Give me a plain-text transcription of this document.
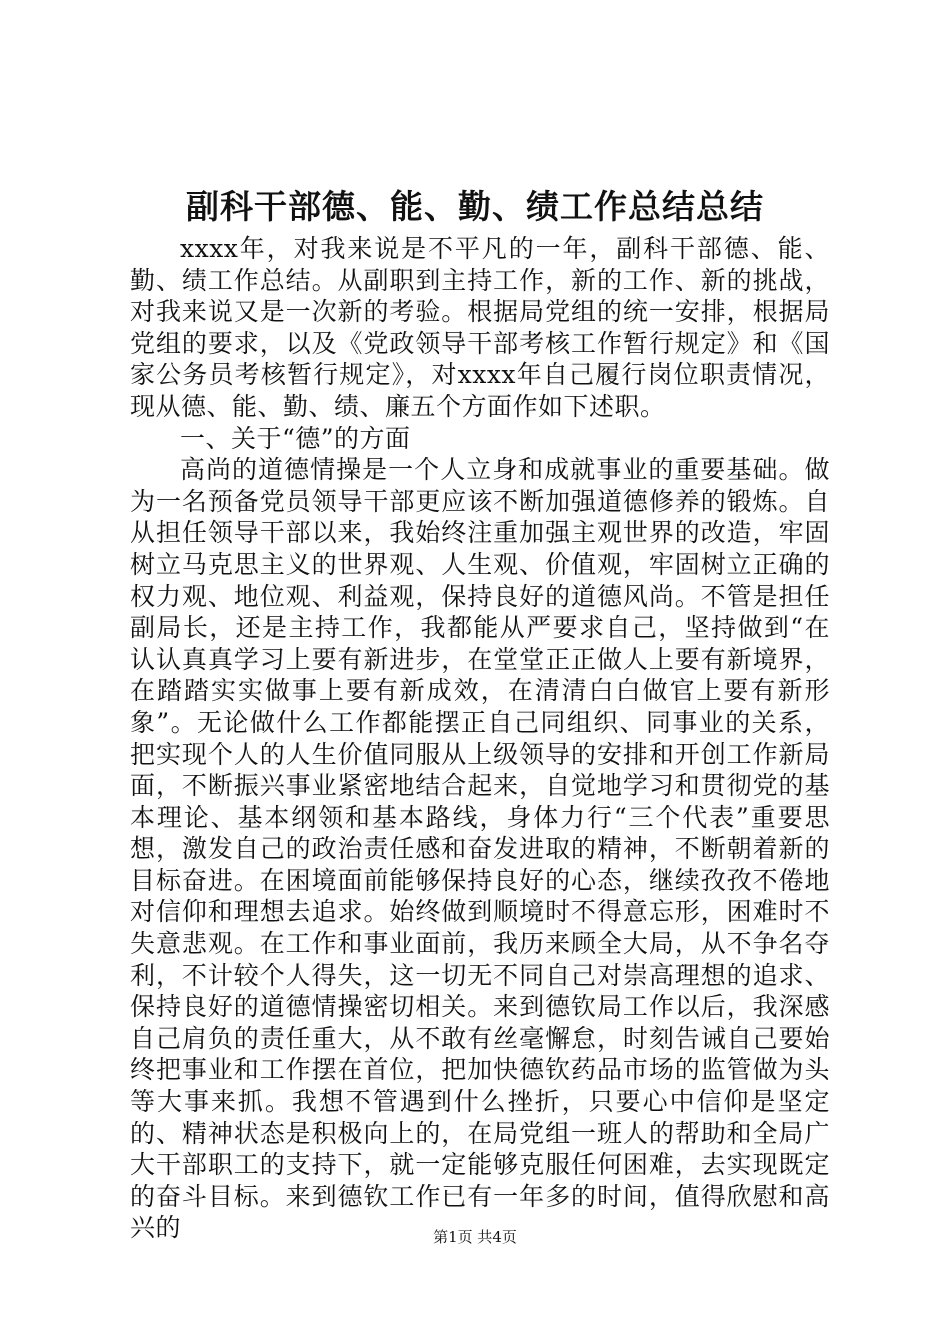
副科干部德、能、勤、绩工作总结总结

xxxx年，对我来说是不平凡的一年，副科干部德、能、勤、绩工作总结。从副职到主持工作，新的工作、新的挑战，对我来说又是一次新的考验。根据局党组的统一安排，根据局党组的要求，以及《党政领导干部考核工作暂行规定》和《国家公务员考核暂行规定》，对xxxx年自己履行岗位职责情况，现从德、能、勤、绩、廉五个方面作如下述职。

一、关于“德”的方面

高尚的道德情操是一个人立身和成就事业的重要基础。做为一名预备党员领导干部更应该不断加强道德修养的锻炼。自从担任领导干部以来，我始终注重加强主观世界的改造，牢固树立马克思主义的世界观、人生观、价值观，牢固树立正确的权力观、地位观、利益观，保持良好的道德风尚。不管是担任副局长，还是主持工作，我都能从严要求自己，坚持做到“在认认真真学习上要有新进步，在堂堂正正做人上要有新境界，在踏踏实实做事上要有新成效，在清清白白做官上要有新形象”。无论做什么工作都能摆正自己同组织、同事业的关系，把实现个人的人生价值同服从上级领导的安排和开创工作新局面，不断振兴事业紧密地结合起来，自觉地学习和贯彻党的基本理论、基本纲领和基本路线，身体力行“三个代表”重要思想，激发自己的政治责任感和奋发进取的精神，不断朝着新的目标奋进。在困境面前能够保持良好的心态，继续孜孜不倦地对信仰和理想去追求。始终做到顺境时不得意忘形，困难时不失意悲观。在工作和事业面前，我历来顾全大局，从不争名夺利，不计较个人得失，这一切无不同自己对崇高理想的追求、保持良好的道德情操密切相关。来到德钦局工作以后，我深感自己肩负的责任重大，从不敢有丝毫懈怠，时刻告诫自己要始终把事业和工作摆在首位，把加快德钦药品市场的监管做为头等大事来抓。我想不管遇到什么挫折，只要心中信仰是坚定的、精神状态是积极向上的，在局党组一班人的帮助和全局广大干部职工的支持下，就一定能够克服任何困难，去实现既定的奋斗目标。来到德钦工作已有一年多的时间，值得欣慰和高兴的	第1页 共4页
